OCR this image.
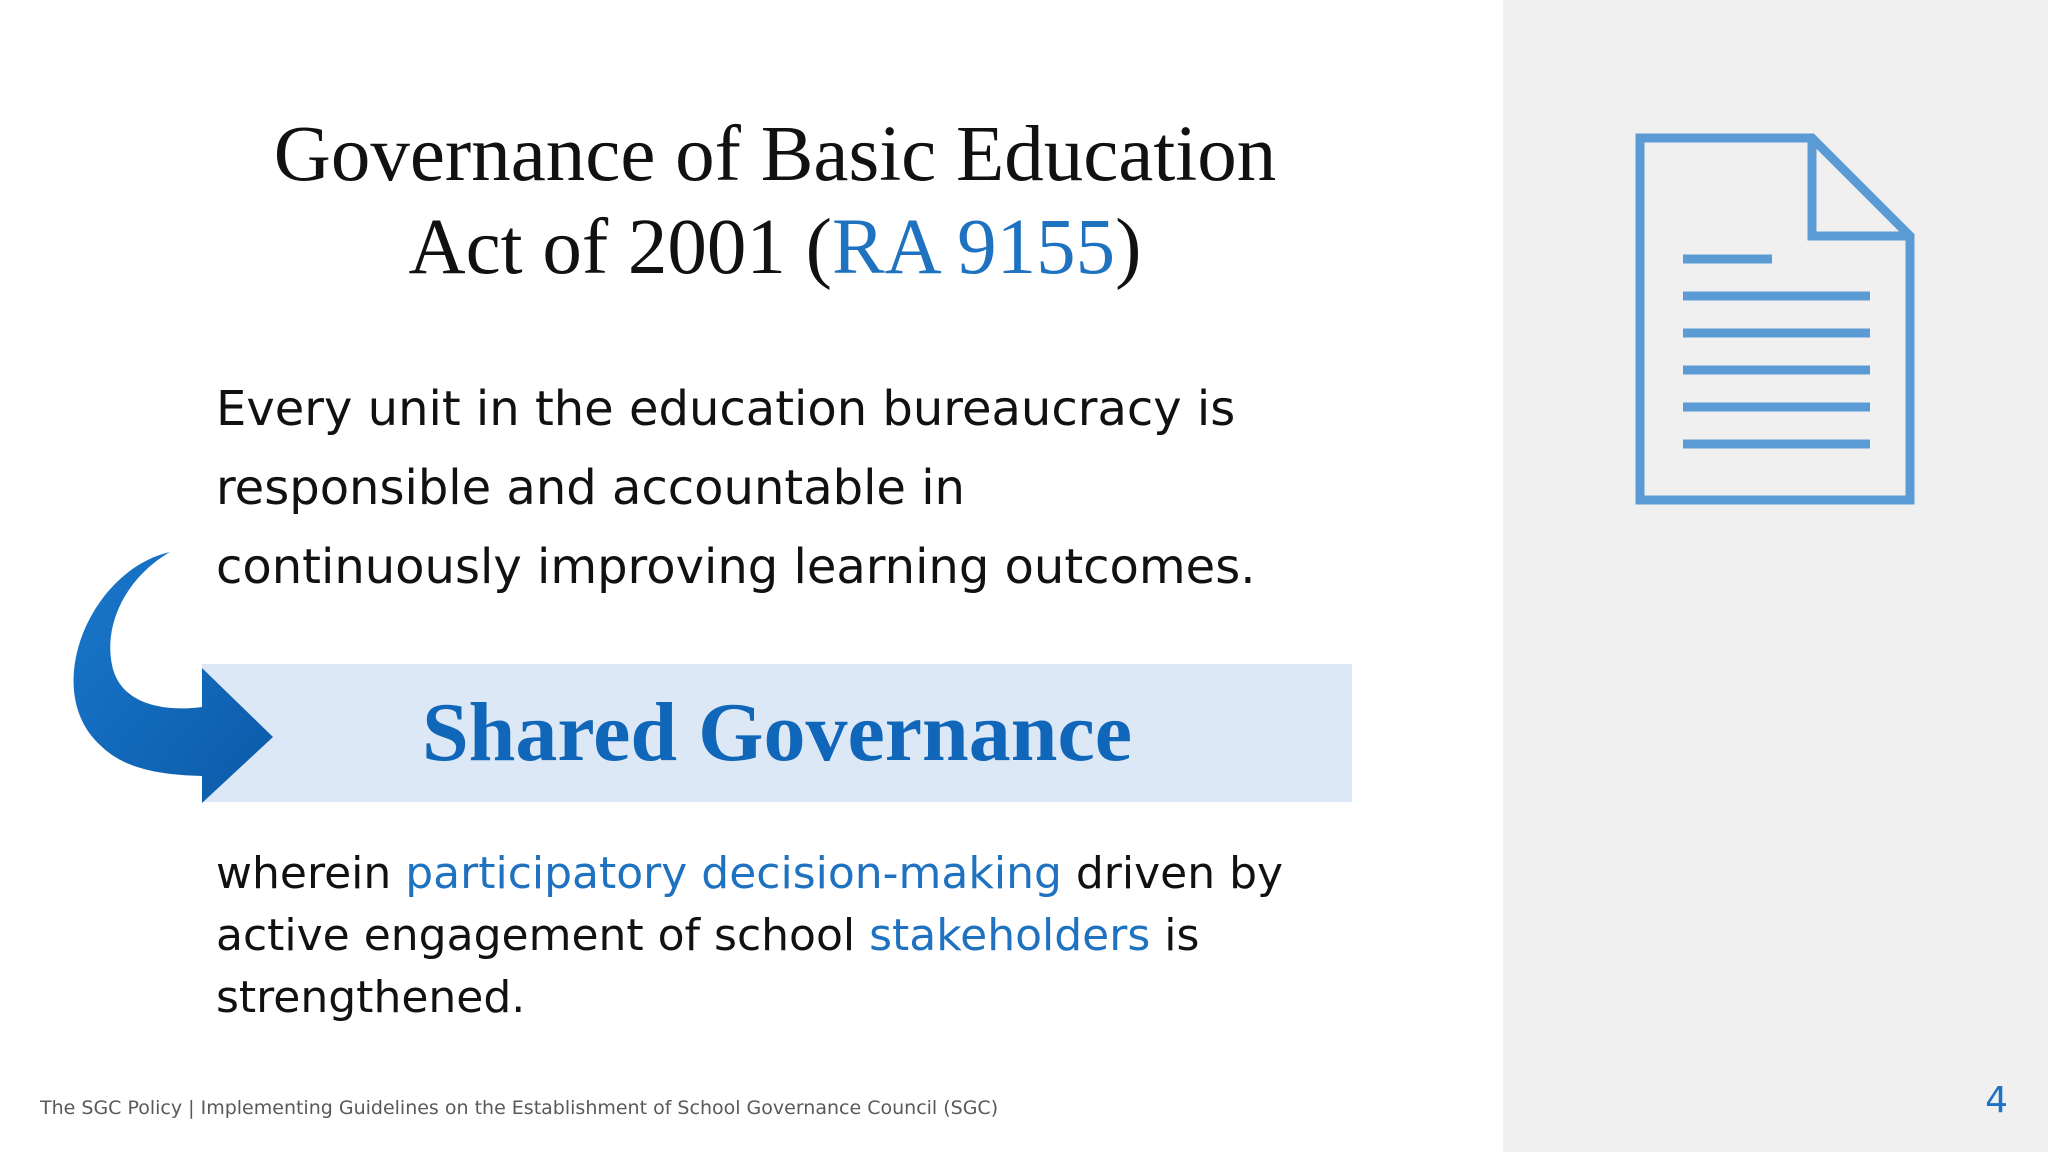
Governance of Basic Education
Act of 2001 (RA 9155)

Every unit in the education bureaucracy is
responsible and accountable in
continuously improving learning outcomes.

Shared Governance

wherein participatory decision-making driven by
active engagement of school stakeholders is
strengthened.

The SGC Policy | Implementing Guidelines on the Establishment of School Governance Council (SGC)	4
